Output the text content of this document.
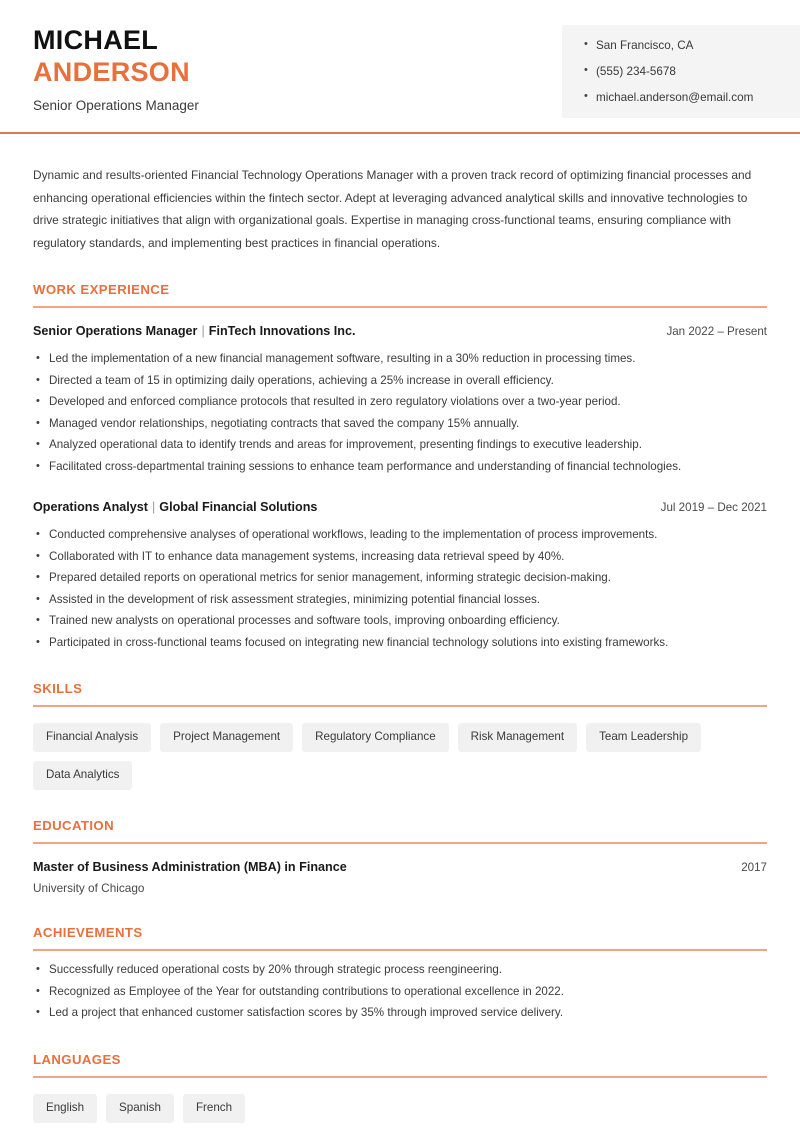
MICHAEL
ANDERSON
Senior Operations Manager
• San Francisco, CA
• (555) 234-5678
• michael.anderson@email.com

Dynamic and results-oriented Financial Technology Operations Manager with a proven track record of optimizing financial processes and enhancing operational efficiencies within the fintech sector. Adept at leveraging advanced analytical skills and innovative technologies to drive strategic initiatives that align with organizational goals. Expertise in managing cross-functional teams, ensuring compliance with regulatory standards, and implementing best practices in financial operations.

WORK EXPERIENCE
Senior Operations Manager | FinTech Innovations Inc.	Jan 2022 – Present
• Led the implementation of a new financial management software, resulting in a 30% reduction in processing times.
• Directed a team of 15 in optimizing daily operations, achieving a 25% increase in overall efficiency.
• Developed and enforced compliance protocols that resulted in zero regulatory violations over a two-year period.
• Managed vendor relationships, negotiating contracts that saved the company 15% annually.
• Analyzed operational data to identify trends and areas for improvement, presenting findings to executive leadership.
• Facilitated cross-departmental training sessions to enhance team performance and understanding of financial technologies.
Operations Analyst | Global Financial Solutions	Jul 2019 – Dec 2021
• Conducted comprehensive analyses of operational workflows, leading to the implementation of process improvements.
• Collaborated with IT to enhance data management systems, increasing data retrieval speed by 40%.
• Prepared detailed reports on operational metrics for senior management, informing strategic decision-making.
• Assisted in the development of risk assessment strategies, minimizing potential financial losses.
• Trained new analysts on operational processes and software tools, improving onboarding efficiency.
• Participated in cross-functional teams focused on integrating new financial technology solutions into existing frameworks.
SKILLS
Financial Analysis	Project Management	Regulatory Compliance	Risk Management	Team Leadership
Data Analytics
EDUCATION
Master of Business Administration (MBA) in Finance	2017
University of Chicago
ACHIEVEMENTS
• Successfully reduced operational costs by 20% through strategic process reengineering.
• Recognized as Employee of the Year for outstanding contributions to operational excellence in 2022.
• Led a project that enhanced customer satisfaction scores by 35% through improved service delivery.
LANGUAGES
English	Spanish	French
